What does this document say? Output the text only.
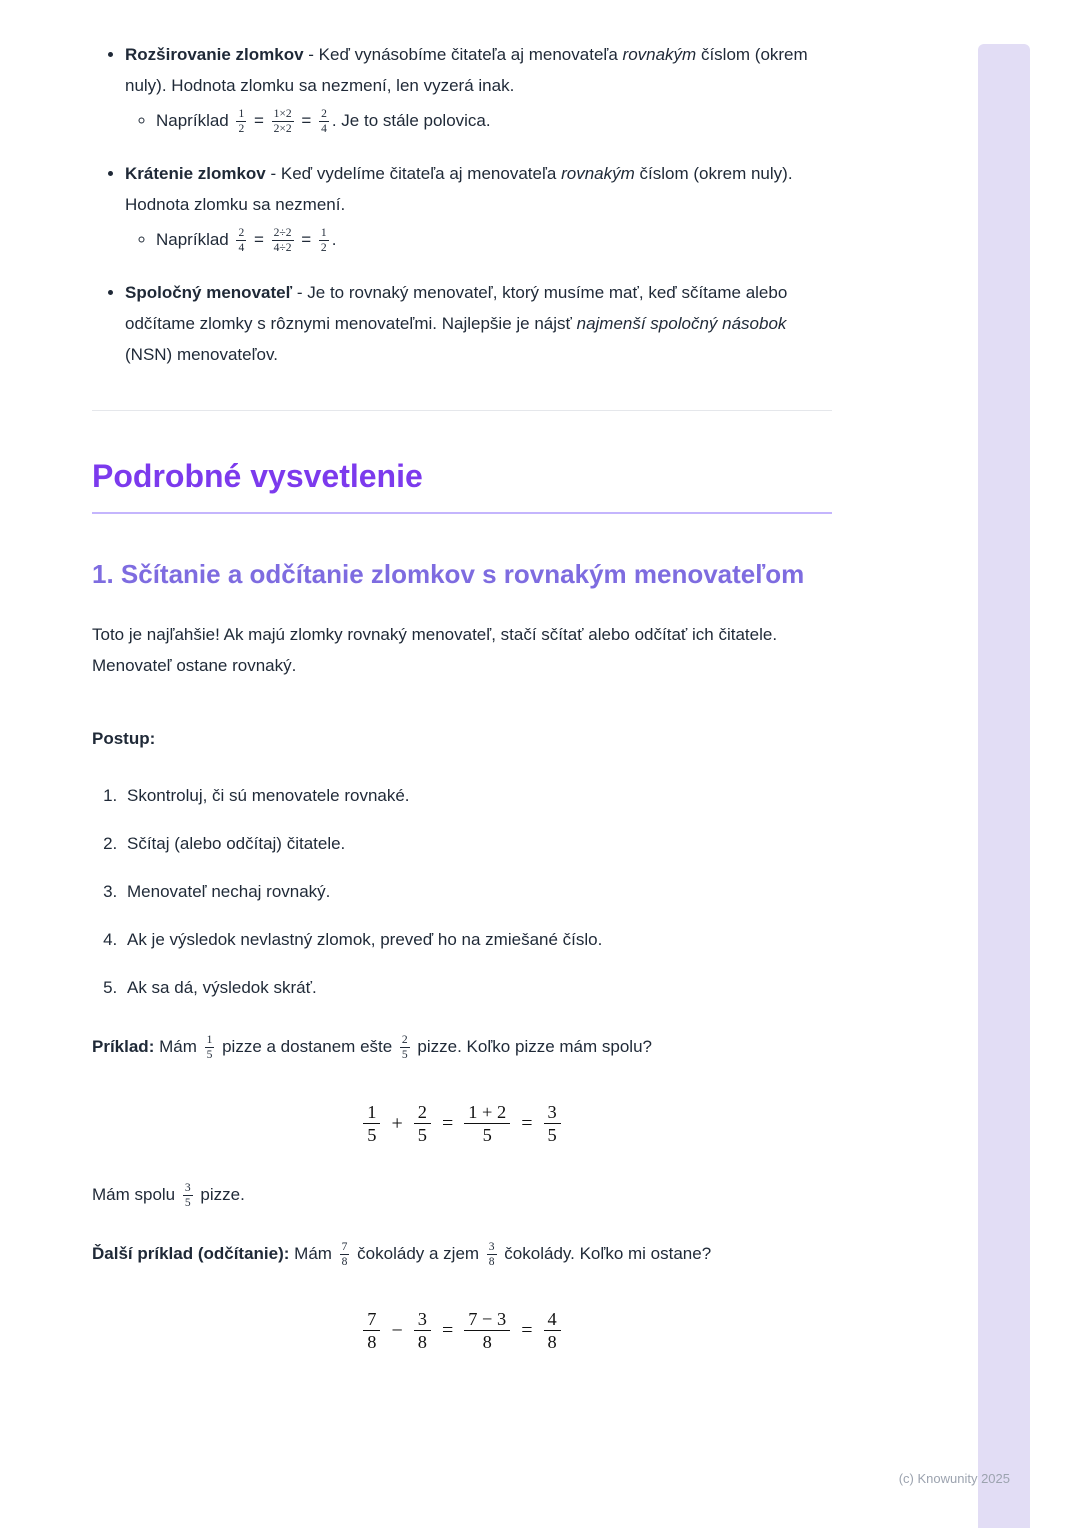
• Rozširovanie zlomkov - Keď vynásobíme čitateľa aj menovateľa rovnakým číslom (okrem nuly). Hodnota zlomku sa nezmení, len vyzerá inak.
◦ Napríklad $\frac{1}{2} = \frac{1\times 2}{2\times 2} = \frac{2}{4}$ . Je to stále polovica.
• Krátenie zlomkov - Keď vydelíme čitateľa aj menovateľa rovnakým číslom (okrem nuly). Hodnota zlomku sa nezmení.
◦ Napríklad $\frac{2}{4} = \frac{2\div 2}{4\div 2} = \frac{1}{2}$ .
• Spoločný menovateľ - Je to rovnaký menovateľ, ktorý musíme mať, keď sčítame alebo odčítame zlomky s rôznymi menovateľmi. Najlepšie je nájsť najmenší spoločný násobok (NSN) menovateľov.
Podrobné vysvetlenie
1. Sčítanie a odčítanie zlomkov s rovnakým menovateľom

Toto je najľahšie! Ak majú zlomky rovnaký menovateľ, stačí sčítať alebo odčítať ich čitatele. Menovateľ ostane rovnaký.

Postup:

1. Skontroluj, či sú menovatele rovnaké.
2. Sčítaj (alebo odčítaj) čitatele.
3. Menovateľ nechaj rovnaký.
4. Ak je výsledok nevlastný zlomok, preveď ho na zmiešané číslo.
5. Ak sa dá, výsledok skráť.

Príklad: Mám $\frac{1}{5}$ pizze a dostanem ešte $\frac{2}{5}$ pizze. Koľko pizze mám spolu?

$\frac{1}{5} + \frac{2}{5} = \frac{1 + 2}{5} = \frac{3}{5}$

Mám spolu $\frac{3}{5}$ pizze.

Ďalší príklad (odčítanie): Mám $\frac{7}{8}$ čokolády a zjem $\frac{3}{8}$ čokolády. Koľko mi ostane?

$\frac{7}{8} - \frac{3}{8} = \frac{7 - 3}{8} = \frac{4}{8}$
(c) Knowunity 2025
